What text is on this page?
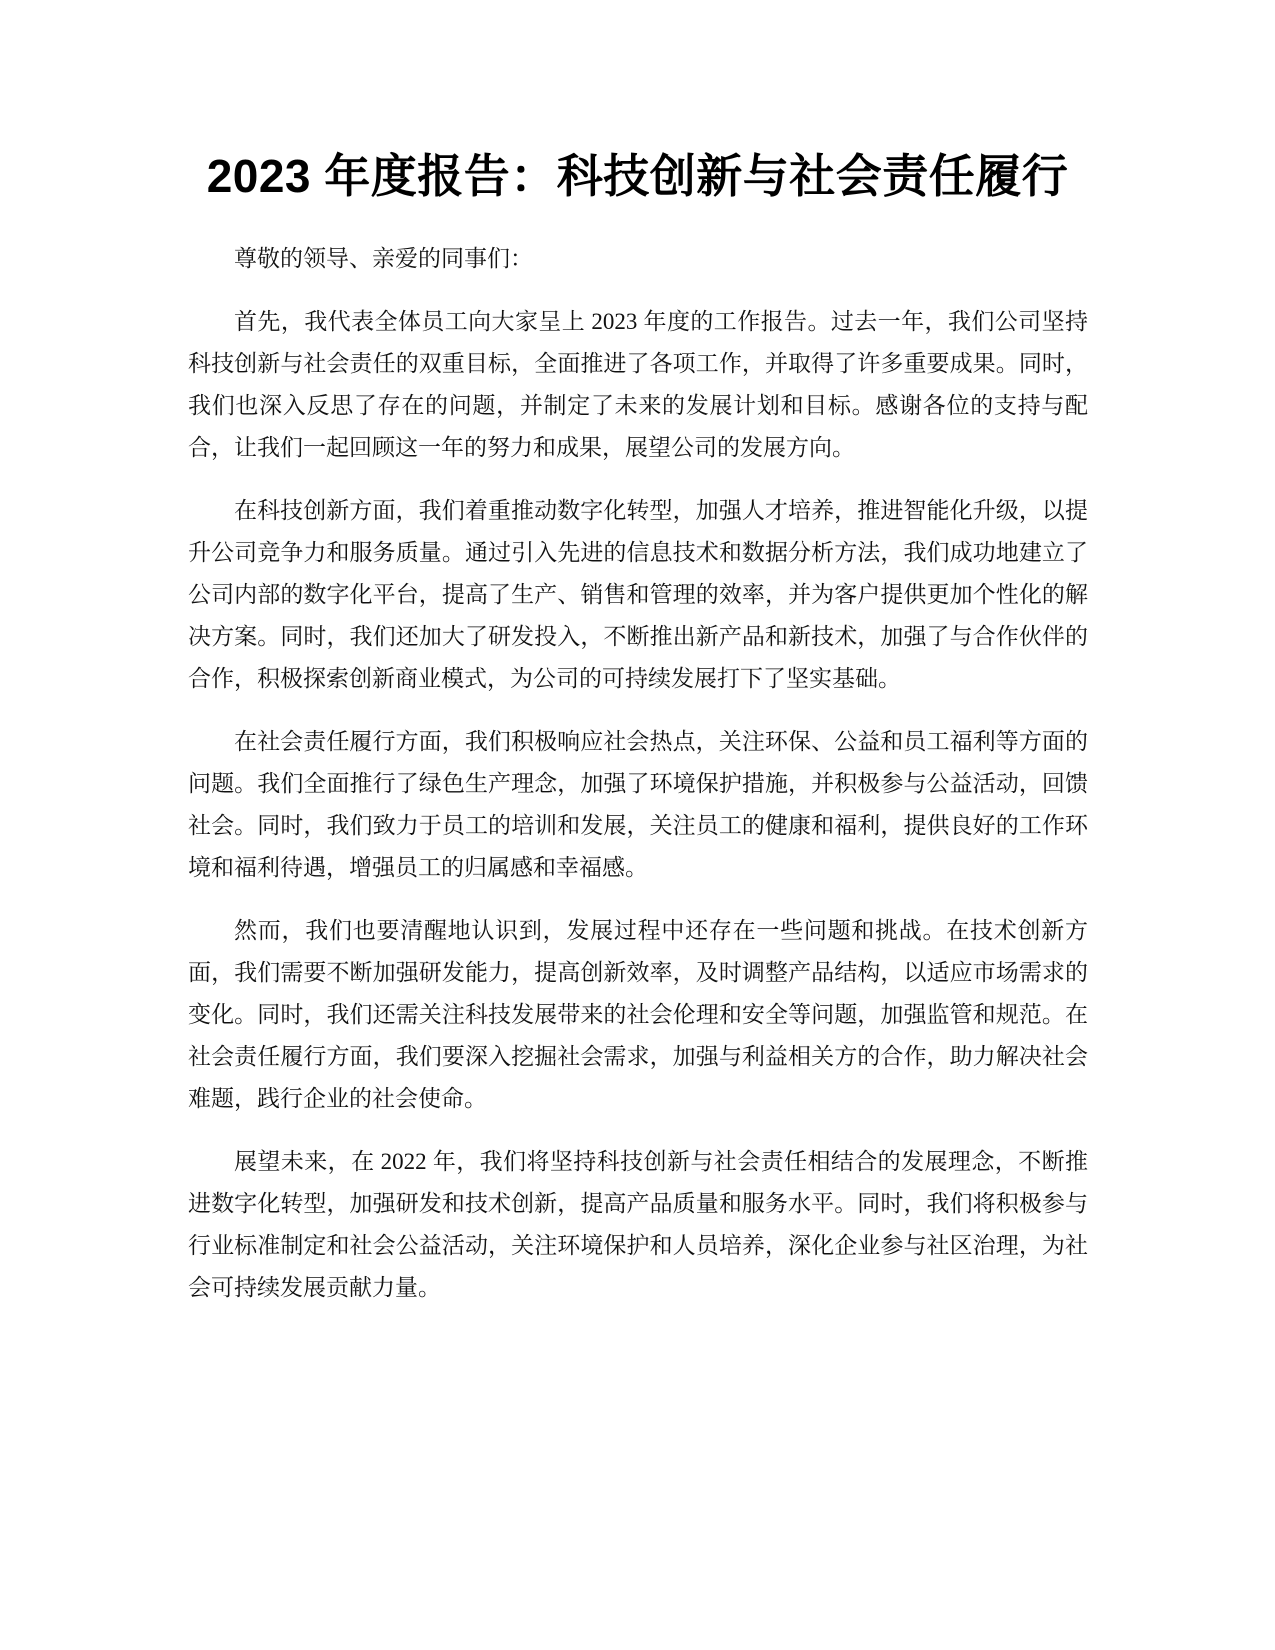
2023 年度报告：科技创新与社会责任履行

尊敬的领导、亲爱的同事们：

首先，我代表全体员工向大家呈上 2023 年度的工作报告。过去一年，我们公司坚持科技创新与社会责任的双重目标，全面推进了各项工作，并取得了许多重要成果。同时，我们也深入反思了存在的问题，并制定了未来的发展计划和目标。感谢各位的支持与配合，让我们一起回顾这一年的努力和成果，展望公司的发展方向。

在科技创新方面，我们着重推动数字化转型，加强人才培养，推进智能化升级，以提升公司竞争力和服务质量。通过引入先进的信息技术和数据分析方法，我们成功地建立了公司内部的数字化平台，提高了生产、销售和管理的效率，并为客户提供更加个性化的解决方案。同时，我们还加大了研发投入，不断推出新产品和新技术，加强了与合作伙伴的合作，积极探索创新商业模式，为公司的可持续发展打下了坚实基础。

在社会责任履行方面，我们积极响应社会热点，关注环保、公益和员工福利等方面的问题。我们全面推行了绿色生产理念，加强了环境保护措施，并积极参与公益活动，回馈社会。同时，我们致力于员工的培训和发展，关注员工的健康和福利，提供良好的工作环境和福利待遇，增强员工的归属感和幸福感。

然而，我们也要清醒地认识到，发展过程中还存在一些问题和挑战。在技术创新方面，我们需要不断加强研发能力，提高创新效率，及时调整产品结构，以适应市场需求的变化。同时，我们还需关注科技发展带来的社会伦理和安全等问题，加强监管和规范。在社会责任履行方面，我们要深入挖掘社会需求，加强与利益相关方的合作，助力解决社会难题，践行企业的社会使命。

展望未来，在 2022 年，我们将坚持科技创新与社会责任相结合的发展理念，不断推进数字化转型，加强研发和技术创新，提高产品质量和服务水平。同时，我们将积极参与行业标准制定和社会公益活动，关注环境保护和人员培养，深化企业参与社区治理，为社会可持续发展贡献力量。
